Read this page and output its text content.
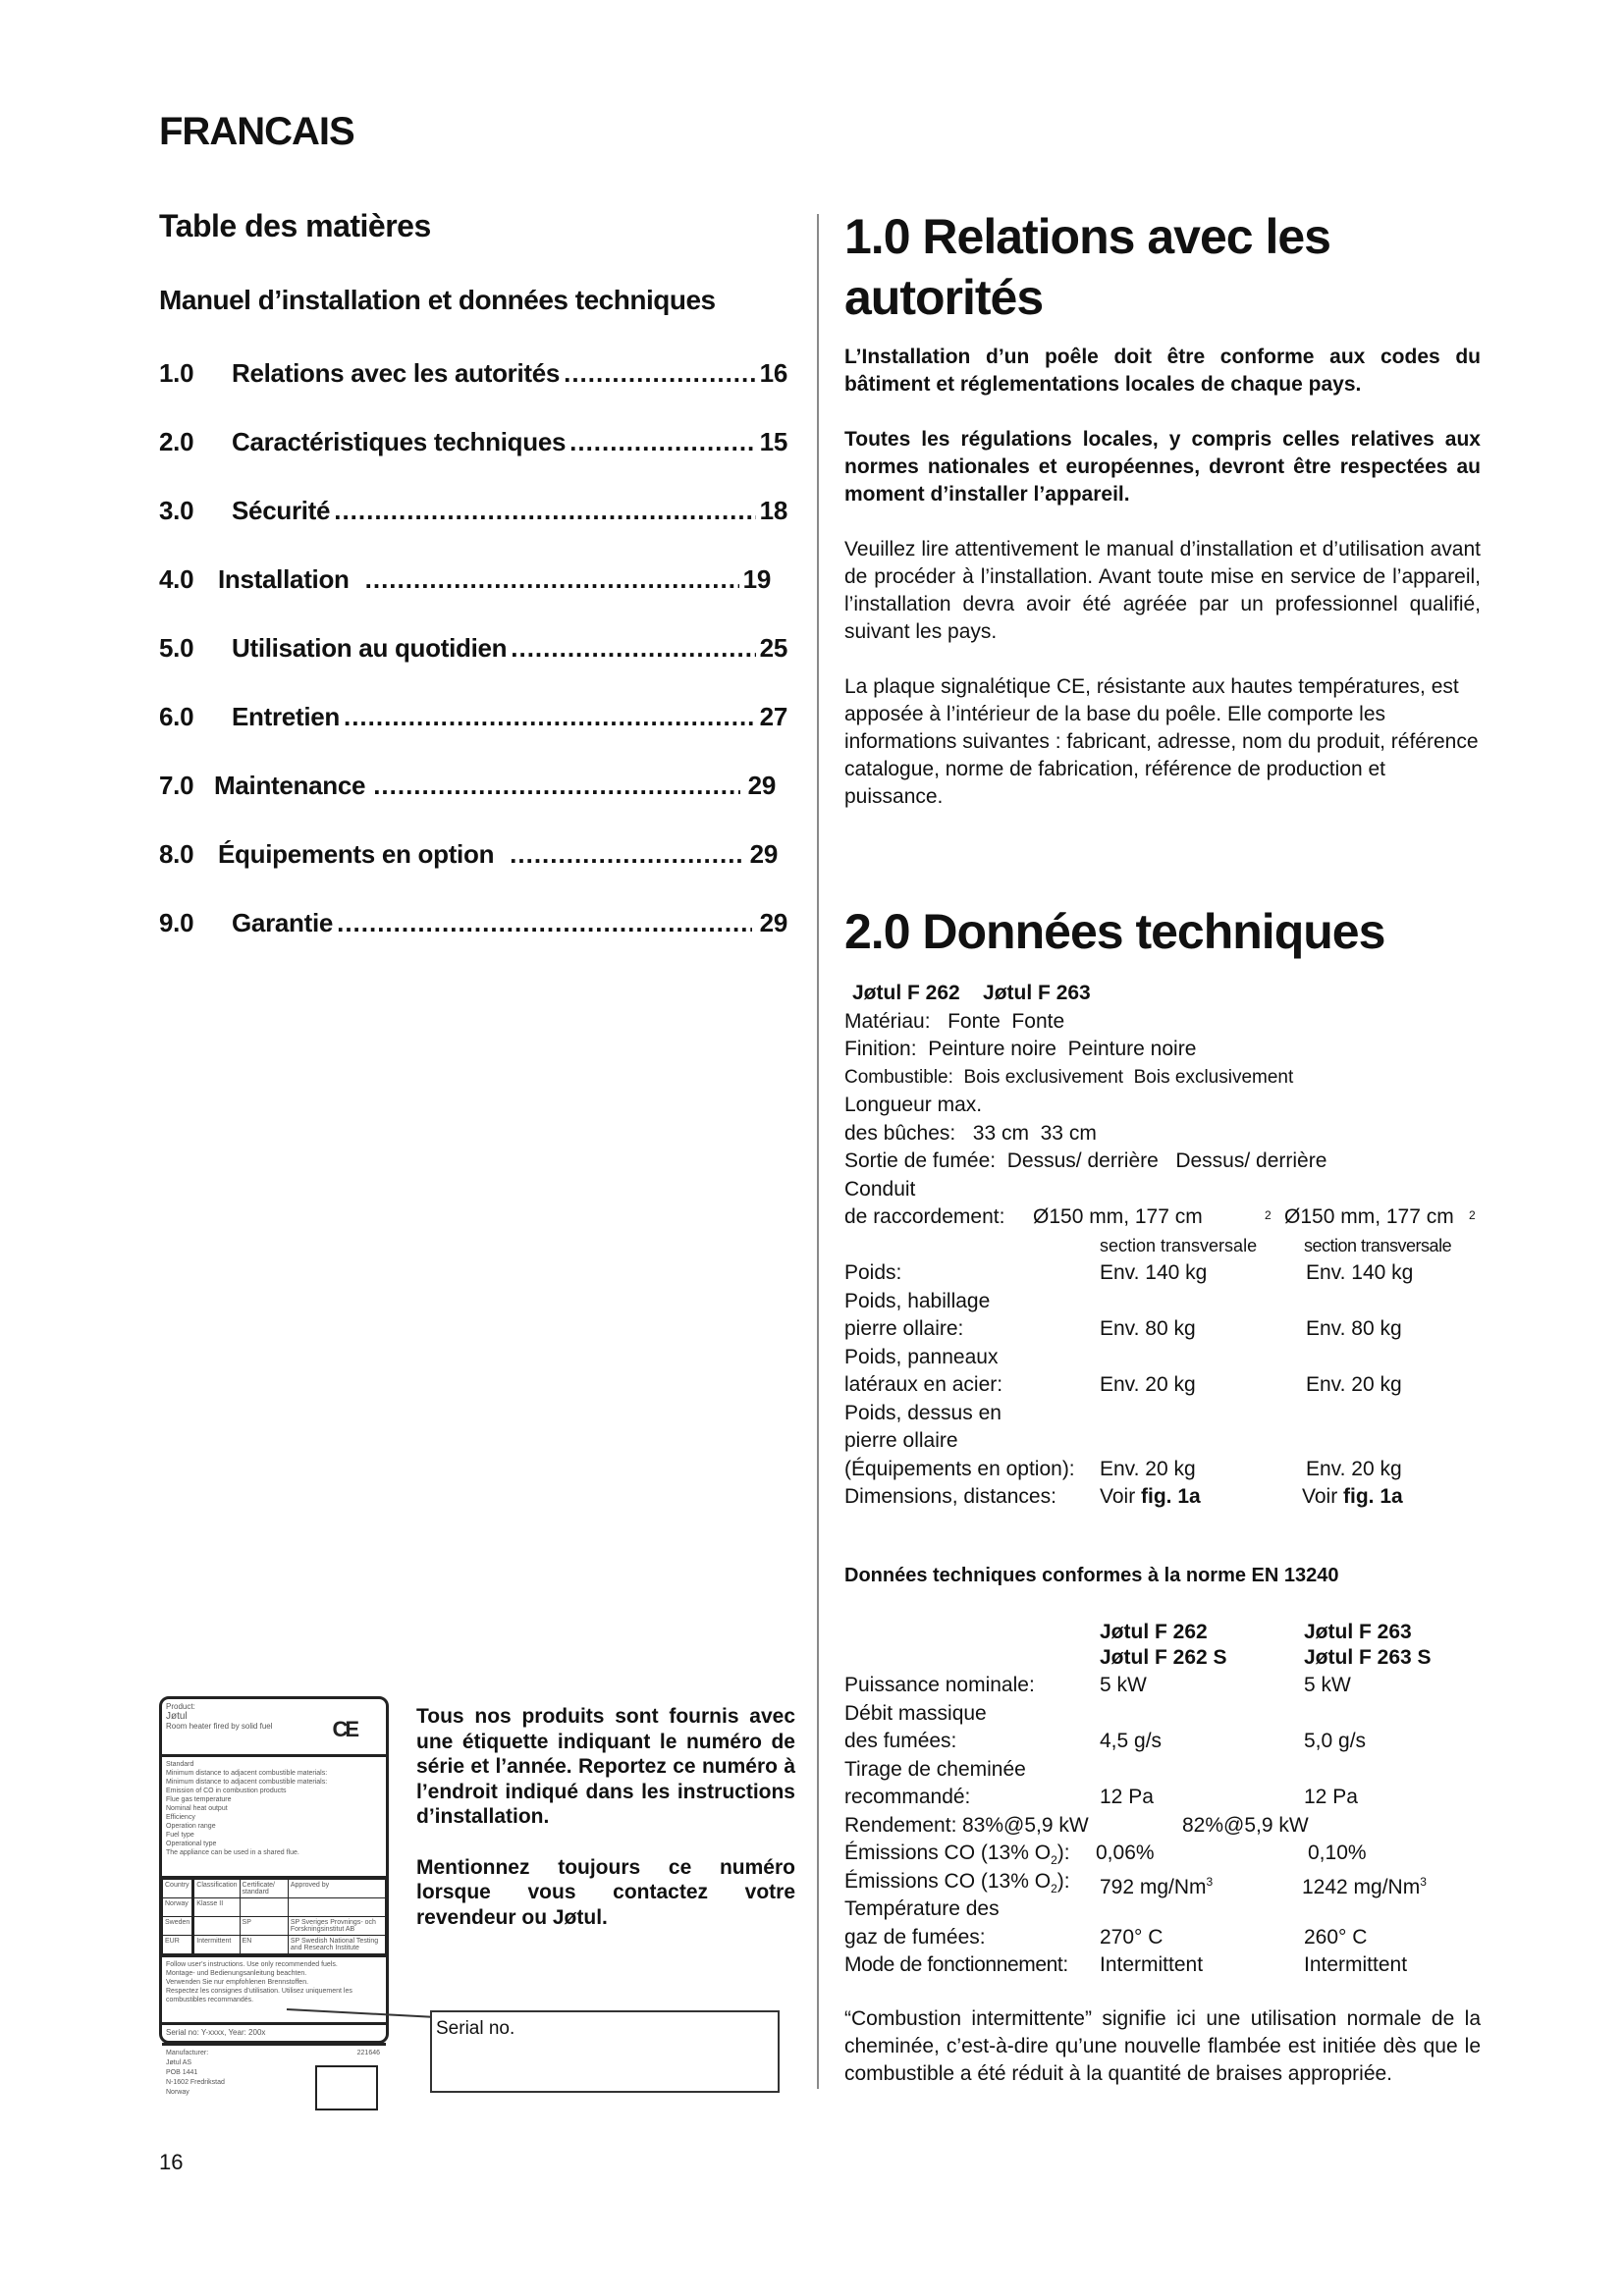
FRANCAIS
Table des matières
Manuel d’installation et données techniques
1.0	Relations avec les autorités .....	16
2.0	Caractéristiques techniques .....	15
3.0	Sécurité .....	18
4.0 Installation .....	19
5.0	Utilisation au quotidien .....	25
6.0	Entretien .....	27
7.0 Maintenance .....	29
8.0 Équipements en option .....	29
9.0	Garantie .....	29
Product:
Jøtul
Room heater fired by solid fuel	CE
Standard
Minimum distance to adjacent combustible materials:
Minimum distance to adjacent combustible materials:
Emission of CO in combustion products
Flue gas temperature
Nominal heat output
Efficiency
Operation range
Fuel type
Operational type
The appliance can be used in a shared flue.
Country	Classification	Certificate/ standard	Approved by
Norway	Klasse II		
Sweden		SP	SP Sveriges Provnings- och Forskningsinstitut AB
EUR	Intermittent	EN	SP Swedish National Testing and Research Institute
Follow user’s instructions. Use only recommended fuels.
Montage- und Bedienungsanleitung beachten.
Verwenden Sie nur empfohlenen Brennstoffen.
Respectez les consignes d’utilisation. Utilisez uniquement les combustibles recommandés.
Serial no: Y-xxxx, Year: 200x
Manufacturer:	221646
Jøtul AS
POB 1441
N-1602 Fredrikstad
Norway
Serial no.
Tous nos produits sont fournis avec une étiquette indiquant le numéro de série et l’année. Reportez ce numéro à l’endroit indiqué dans les instructions d’installation.
Mentionnez toujours ce numéro lorsque vous contactez votre revendeur ou Jøtul.
16
1.0 Relations avec les
autorités
L’Installation d’un poêle doit être conforme aux codes du bâtiment et réglementations locales de chaque pays.
Toutes les régulations locales, y compris celles relatives aux normes nationales et européennes, devront être respectées au moment d’installer l’appareil.
Veuillez lire attentivement le manual d’installation et d’utilisation avant de procéder à l’installation. Avant toute mise en service de l’appareil, l’installation devra avoir été agréée par un professionnel qualifié, suivant les pays.
La plaque signalétique CE, résistante aux hautes températures, est apposée à l’intérieur de la base du poêle. Elle comporte les informations suivantes : fabricant, adresse, nom du produit, référence catalogue, norme de fabrication, référence de production et puissance.
2.0 Données techniques
Jøtul F 262    Jøtul F 263
Matériau:
Fonte  Fonte
Finition:
Peinture noire  Peinture noire
Combustible:
Bois exclusivement  Bois exclusivement
Longueur max.
des bûches:
33 cm  33 cm
Sortie de fumée:
Dessus/ derrière   Dessus/ derrière
Conduit
de raccordement: Ø150 mm, 177 cm	2 Ø150 mm, 177 cm 2
section transversale	section transversale
Poids:	Env. 140 kg	Env. 140 kg
Poids, habillage
pierre ollaire:	Env. 80 kg	Env. 80 kg
Poids, panneaux
latéraux en acier:	Env. 20 kg	Env. 20 kg
Poids, dessus en
pierre ollaire
(Équipements en option): Env. 20 kg	Env. 20 kg
Dimensions, distances: Voir fig. 1a	Voir fig. 1a
Données techniques conformes à la norme EN 13240
Jøtul F 262	Jøtul F 263
Jøtul F 262 S	Jøtul F 263 S
Puissance nominale:	5 kW	5 kW
Débit massique
des fumées:	4,5 g/s	5,0 g/s
Tirage de cheminée
recommandé:	12 Pa	12 Pa
Rendement: 83%@5,9 kW	82%@5,9 kW
Émissions CO (13% $O_2$): 0,06%	0,10%
Émissions CO (13% $O_2$): 792 mg/Nm$^3$	1242 mg/Nm$^3$
Température des
gaz de fumées:	270° C	260° C
Mode de fonctionnement: Intermittent	Intermittent
“Combustion intermittente” signifie ici une utilisation normale de la cheminée, c’est-à-dire qu’une nouvelle flambée est initiée dès que le combustible a été réduit à la quantité de braises appropriée.
